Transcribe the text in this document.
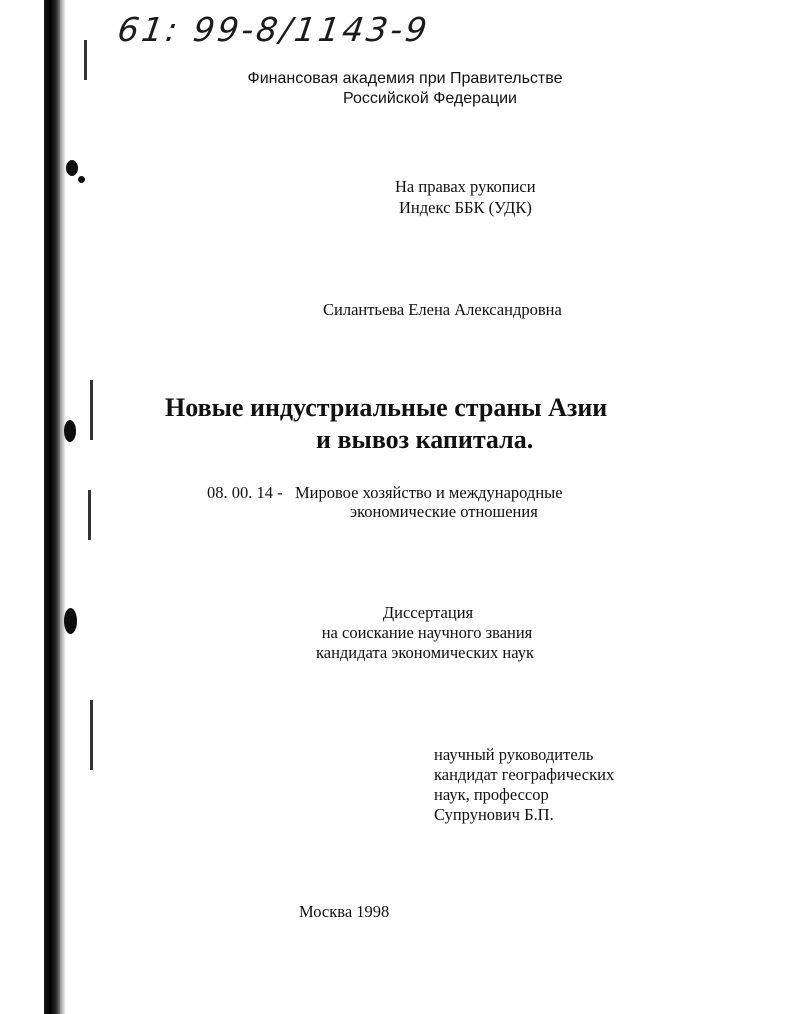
61: 99-8/1143-9
Финансовая академия при Правительстве
Российской Федерации
На правах рукописи
Индекс ББК (УДК)
Силантьева Елена Александровна
Новые индустриальные страны Азии
и вывоз капитала.
08. 00. 14 - Мировое хозяйство и международные
экономические отношения
Диссертация
на соискание научного звания
кандидата экономических наук
научный руководитель
кандидат географических
наук, профессор
Супрунович Б.П.
Москва 1998
